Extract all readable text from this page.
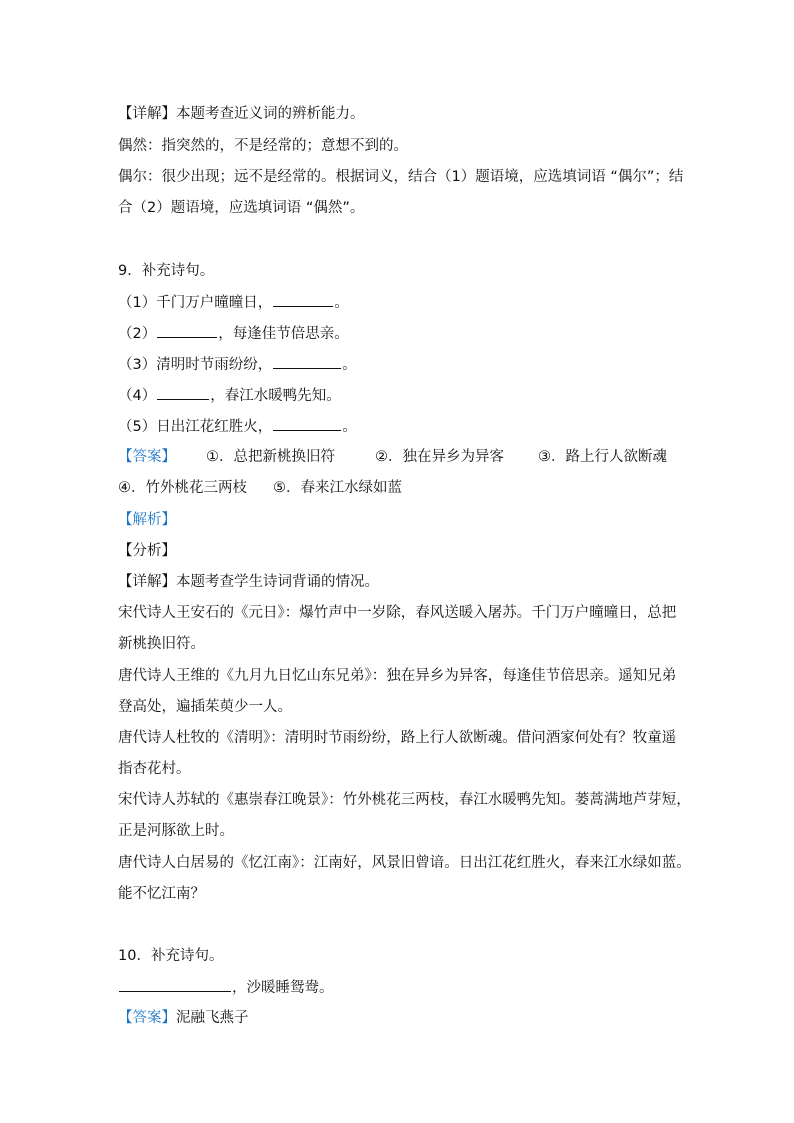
【详解】本题考查近义词的辨析能力。
偶然：指突然的，不是经常的；意想不到的。
偶尔：很少出现；远不是经常的。根据词义，结合（1）题语境，应选填词语 “偶尔”；结
合（2）题语境，应选填词语 “偶然”。
9．补充诗句。
（1）千门万户曈曈日，	。
（2）	，每逢佳节倍思亲。
（3）清明时节雨纷纷，	。
（4）	，春江水暖鸭先知。
（5）日出江花红胜火，	。
【答案】 ①．总把新桃换旧符	②．独在异乡为异客 ③．路上行人欲断魂
④．竹外桃花三两枝 ⑤．春来江水绿如蓝
【解析】
【分析】
【详解】本题考查学生诗词背诵的情况。
宋代诗人王安石的《元日》：爆竹声中一岁除，春风送暖入屠苏。千门万户曈曈日，总把
新桃换旧符。
唐代诗人王维的《九月九日忆山东兄弟》：独在异乡为异客，每逢佳节倍思亲。遥知兄弟
登高处，遍插茱萸少一人。
唐代诗人杜牧的《清明》：清明时节雨纷纷，路上行人欲断魂。借问酒家何处有？牧童遥
指杏花村。
宋代诗人苏轼的《惠崇春江晚景》：竹外桃花三两枝，春江水暖鸭先知。蒌蒿满地芦芽短，
正是河豚欲上时。
唐代诗人白居易的《忆江南》：江南好，风景旧曾谙。日出江花红胜火，春来江水绿如蓝。
能不忆江南？
10．补充诗句。
，沙暖睡鸳鸯。
【答案】泥融飞燕子
